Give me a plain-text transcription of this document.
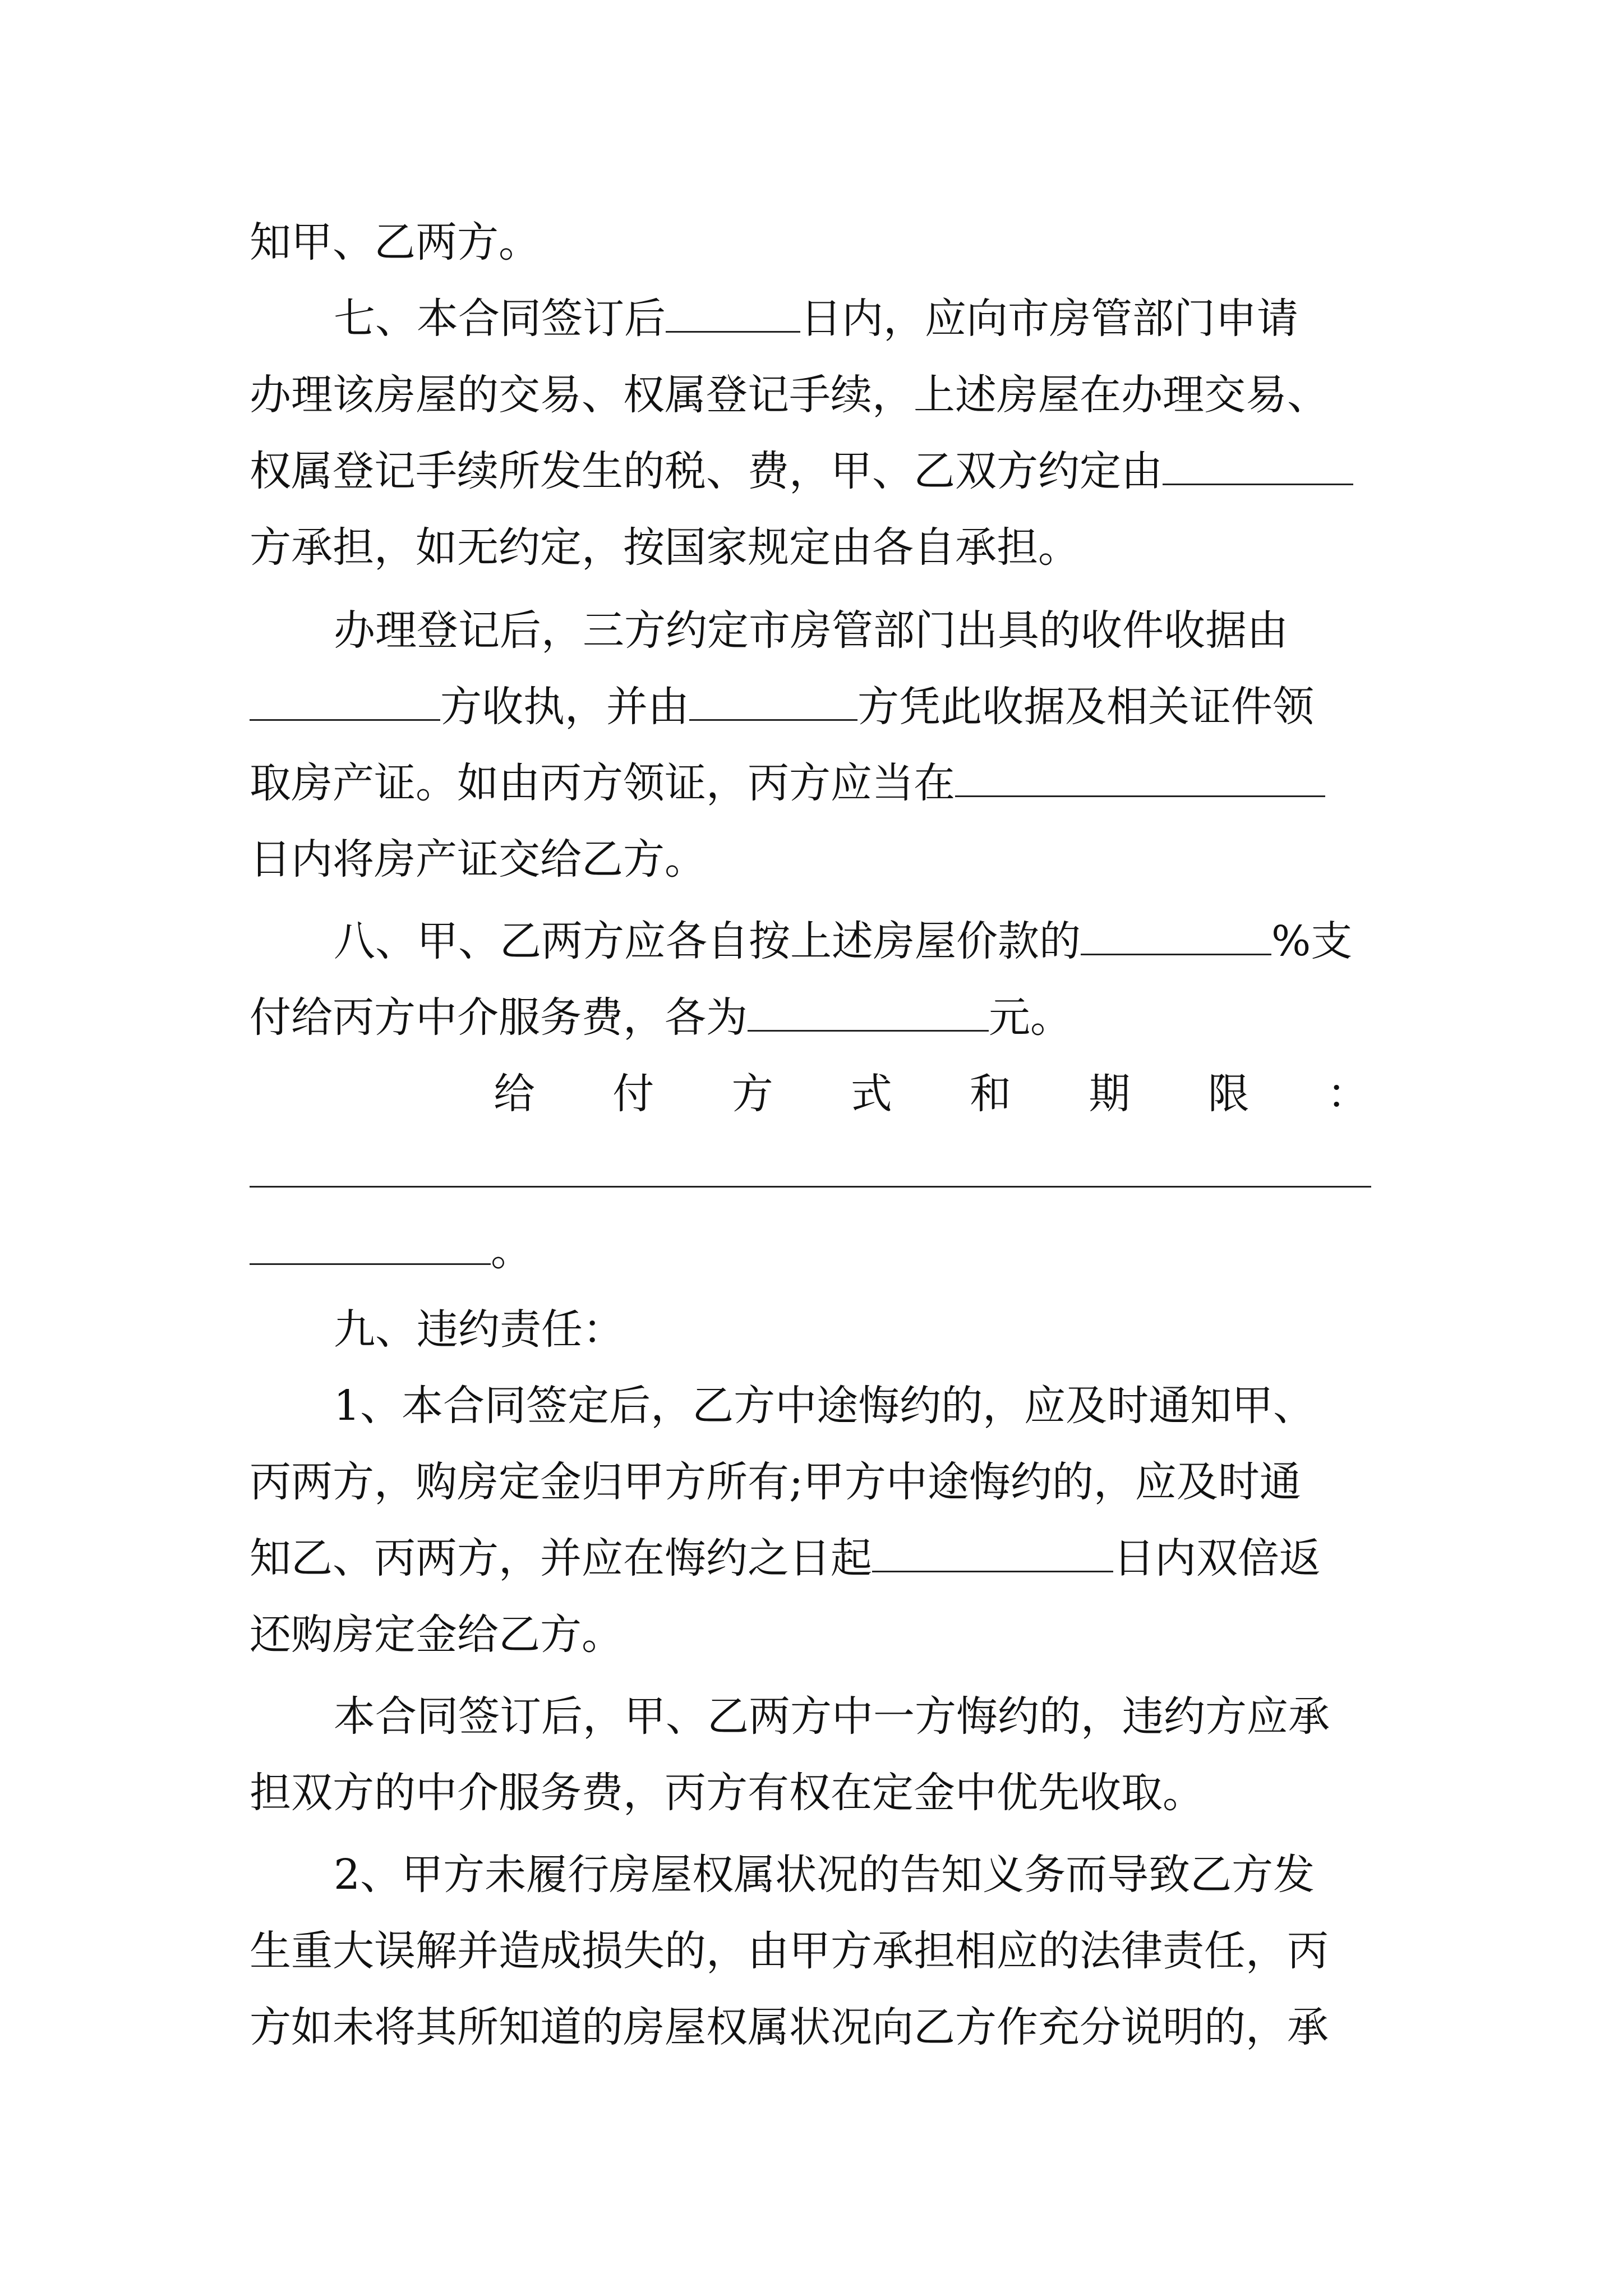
知甲、乙两方。
七、本合同签订后	日内，应向市房管部门申请
办理该房屋的交易、权属登记手续，上述房屋在办理交易、
权属登记手续所发生的税、费，甲、乙双方约定由
方承担，如无约定，按国家规定由各自承担。
办理登记后，三方约定市房管部门出具的收件收据由
方收执，并由	方凭此收据及相关证件领
取房产证。如由丙方领证，丙方应当在
日内将房产证交给乙方。
八、甲、乙两方应各自按上述房屋价款的	%支
付给丙方中介服务费，各为	元。
给 付 方 式 和 期 限 ：
。
九、违约责任：
1、本合同签定后，乙方中途悔约的，应及时通知甲、
丙两方，购房定金归甲方所有;甲方中途悔约的，应及时通
知乙、丙两方，并应在悔约之日起	日内双倍返
还购房定金给乙方。
本合同签订后，甲、乙两方中一方悔约的，违约方应承
担双方的中介服务费，丙方有权在定金中优先收取。
2、甲方未履行房屋权属状况的告知义务而导致乙方发
生重大误解并造成损失的，由甲方承担相应的法律责任，丙
方如未将其所知道的房屋权属状况向乙方作充分说明的，承
